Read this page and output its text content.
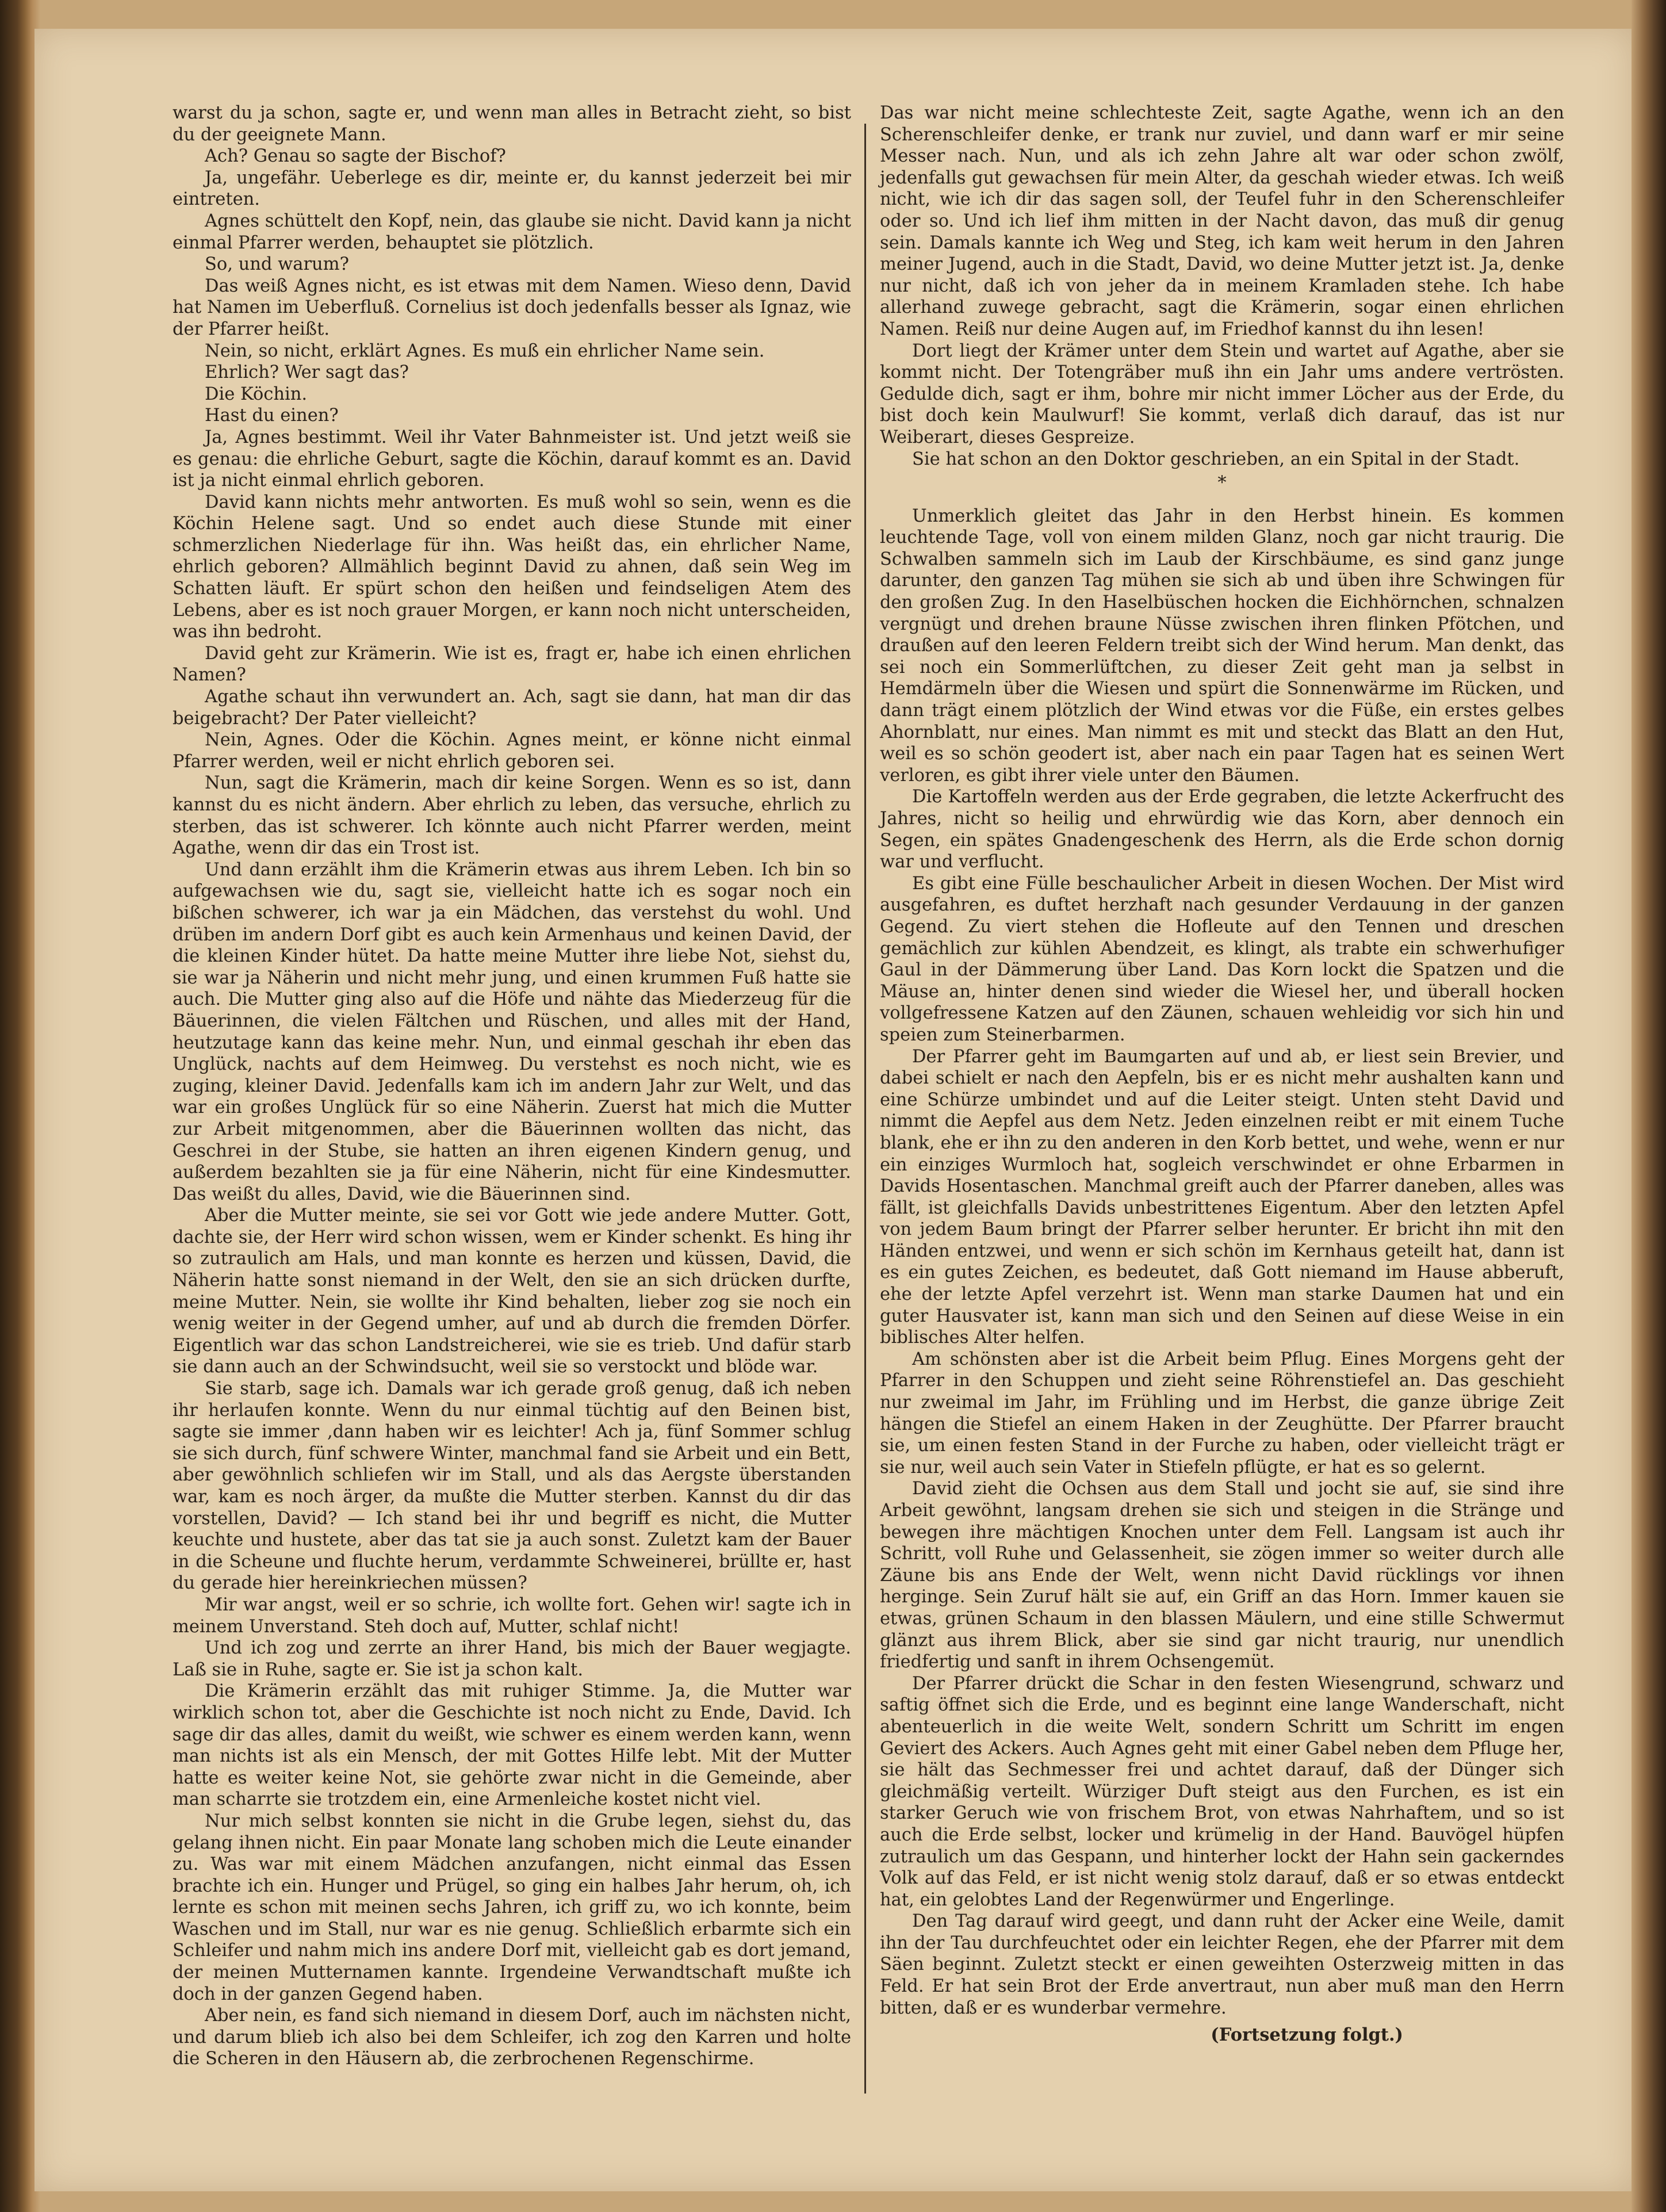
warst du ja schon, sagte er, und wenn man alles in Betracht zieht, so bist du der geeignete Mann.

Ach? Genau so sagte der Bischof?

Ja, ungefähr. Ueberlege es dir, meinte er, du kannst jederzeit bei mir eintreten.

Agnes schüttelt den Kopf, nein, das glaube sie nicht. David kann ja nicht einmal Pfarrer werden, behauptet sie plötzlich.

So, und warum?

Das weiß Agnes nicht, es ist etwas mit dem Namen. Wieso denn, David hat Namen im Ueberfluß. Cornelius ist doch jedenfalls besser als Ignaz, wie der Pfarrer heißt.

Nein, so nicht, erklärt Agnes. Es muß ein ehrlicher Name sein.

Ehrlich? Wer sagt das?

Die Köchin.

Hast du einen?

Ja, Agnes bestimmt. Weil ihr Vater Bahnmeister ist. Und jetzt weiß sie es genau: die ehrliche Geburt, sagte die Köchin, darauf kommt es an. David ist ja nicht einmal ehrlich geboren.

David kann nichts mehr antworten. Es muß wohl so sein, wenn es die Köchin Helene sagt. Und so endet auch diese Stunde mit einer schmerzlichen Niederlage für ihn. Was heißt das, ein ehrlicher Name, ehrlich geboren? Allmählich beginnt David zu ahnen, daß sein Weg im Schatten läuft. Er spürt schon den heißen und feindseligen Atem des Lebens, aber es ist noch grauer Morgen, er kann noch nicht unterscheiden, was ihn bedroht.

David geht zur Krämerin. Wie ist es, fragt er, habe ich einen ehrlichen Namen?

Agathe schaut ihn verwundert an. Ach, sagt sie dann, hat man dir das beigebracht? Der Pater vielleicht?

Nein, Agnes. Oder die Köchin. Agnes meint, er könne nicht einmal Pfarrer werden, weil er nicht ehrlich geboren sei.

Nun, sagt die Krämerin, mach dir keine Sorgen. Wenn es so ist, dann kannst du es nicht ändern. Aber ehrlich zu leben, das versuche, ehrlich zu sterben, das ist schwerer. Ich könnte auch nicht Pfarrer werden, meint Agathe, wenn dir das ein Trost ist.

Und dann erzählt ihm die Krämerin etwas aus ihrem Leben. Ich bin so aufgewachsen wie du, sagt sie, vielleicht hatte ich es sogar noch ein bißchen schwerer, ich war ja ein Mädchen, das verstehst du wohl. Und drüben im andern Dorf gibt es auch kein Armenhaus und keinen David, der die kleinen Kinder hütet. Da hatte meine Mutter ihre liebe Not, siehst du, sie war ja Näherin und nicht mehr jung, und einen krummen Fuß hatte sie auch. Die Mutter ging also auf die Höfe und nähte das Miederzeug für die Bäuerinnen, die vielen Fältchen und Rüschen, und alles mit der Hand, heutzutage kann das keine mehr. Nun, und einmal geschah ihr eben das Unglück, nachts auf dem Heimweg. Du verstehst es noch nicht, wie es zuging, kleiner David. Jedenfalls kam ich im andern Jahr zur Welt, und das war ein großes Unglück für so eine Näherin. Zuerst hat mich die Mutter zur Arbeit mitgenommen, aber die Bäuerinnen wollten das nicht, das Geschrei in der Stube, sie hatten an ihren eigenen Kindern genug, und außerdem bezahlten sie ja für eine Näherin, nicht für eine Kindesmutter. Das weißt du alles, David, wie die Bäuerinnen sind.

Aber die Mutter meinte, sie sei vor Gott wie jede andere Mutter. Gott, dachte sie, der Herr wird schon wissen, wem er Kinder schenkt. Es hing ihr so zutraulich am Hals, und man konnte es herzen und küssen, David, die Näherin hatte sonst niemand in der Welt, den sie an sich drücken durfte, meine Mutter. Nein, sie wollte ihr Kind behalten, lieber zog sie noch ein wenig weiter in der Gegend umher, auf und ab durch die fremden Dörfer. Eigentlich war das schon Landstreicherei, wie sie es trieb. Und dafür starb sie dann auch an der Schwindsucht, weil sie so verstockt und blöde war.

Sie starb, sage ich. Damals war ich gerade groß genug, daß ich neben ihr herlaufen konnte. Wenn du nur einmal tüchtig auf den Beinen bist, sagte sie immer ,dann haben wir es leichter! Ach ja, fünf Sommer schlug sie sich durch, fünf schwere Winter, manchmal fand sie Arbeit und ein Bett, aber gewöhnlich schliefen wir im Stall, und als das Aergste überstanden war, kam es noch ärger, da mußte die Mutter sterben. Kannst du dir das vorstellen, David? — Ich stand bei ihr und begriff es nicht, die Mutter keuchte und hustete, aber das tat sie ja auch sonst. Zuletzt kam der Bauer in die Scheune und fluchte herum, verdammte Schweinerei, brüllte er, hast du gerade hier hereinkriechen müssen?

Mir war angst, weil er so schrie, ich wollte fort. Gehen wir! sagte ich in meinem Unverstand. Steh doch auf, Mutter, schlaf nicht!

Und ich zog und zerrte an ihrer Hand, bis mich der Bauer wegjagte. Laß sie in Ruhe, sagte er. Sie ist ja schon kalt.

Die Krämerin erzählt das mit ruhiger Stimme. Ja, die Mutter war wirklich schon tot, aber die Geschichte ist noch nicht zu Ende, David. Ich sage dir das alles, damit du weißt, wie schwer es einem werden kann, wenn man nichts ist als ein Mensch, der mit Gottes Hilfe lebt. Mit der Mutter hatte es weiter keine Not, sie gehörte zwar nicht in die Gemeinde, aber man scharrte sie trotzdem ein, eine Armenleiche kostet nicht viel.

Nur mich selbst konnten sie nicht in die Grube legen, siehst du, das gelang ihnen nicht. Ein paar Monate lang schoben mich die Leute einander zu. Was war mit einem Mädchen anzufangen, nicht einmal das Essen brachte ich ein. Hunger und Prügel, so ging ein halbes Jahr herum, oh, ich lernte es schon mit meinen sechs Jahren, ich griff zu, wo ich konnte, beim Waschen und im Stall, nur war es nie genug. Schließlich erbarmte sich ein Schleifer und nahm mich ins andere Dorf mit, vielleicht gab es dort jemand, der meinen Mutternamen kannte. Irgendeine Verwandtschaft mußte ich doch in der ganzen Gegend haben.

Aber nein, es fand sich niemand in diesem Dorf, auch im nächsten nicht, und darum blieb ich also bei dem Schleifer, ich zog den Karren und holte die Scheren in den Häusern ab, die zerbrochenen Regenschirme.

Das war nicht meine schlechteste Zeit, sagte Agathe, wenn ich an den Scherenschleifer denke, er trank nur zuviel, und dann warf er mir seine Messer nach. Nun, und als ich zehn Jahre alt war oder schon zwölf, jedenfalls gut gewachsen für mein Alter, da geschah wieder etwas. Ich weiß nicht, wie ich dir das sagen soll, der Teufel fuhr in den Scherenschleifer oder so. Und ich lief ihm mitten in der Nacht davon, das muß dir genug sein. Damals kannte ich Weg und Steg, ich kam weit herum in den Jahren meiner Jugend, auch in die Stadt, David, wo deine Mutter jetzt ist. Ja, denke nur nicht, daß ich von jeher da in meinem Kramladen stehe. Ich habe allerhand zuwege gebracht, sagt die Krämerin, sogar einen ehrlichen Namen. Reiß nur deine Augen auf, im Friedhof kannst du ihn lesen!

Dort liegt der Krämer unter dem Stein und wartet auf Agathe, aber sie kommt nicht. Der Totengräber muß ihn ein Jahr ums andere vertrösten. Gedulde dich, sagt er ihm, bohre mir nicht immer Löcher aus der Erde, du bist doch kein Maulwurf! Sie kommt, verlaß dich darauf, das ist nur Weiberart, dieses Gespreize.

Sie hat schon an den Doktor geschrieben, an ein Spital in der Stadt.

*

Unmerklich gleitet das Jahr in den Herbst hinein. Es kommen leuchtende Tage, voll von einem milden Glanz, noch gar nicht traurig. Die Schwalben sammeln sich im Laub der Kirschbäume, es sind ganz junge darunter, den ganzen Tag mühen sie sich ab und üben ihre Schwingen für den großen Zug. In den Haselbüschen hocken die Eichhörnchen, schnalzen vergnügt und drehen braune Nüsse zwischen ihren flinken Pfötchen, und draußen auf den leeren Feldern treibt sich der Wind herum. Man denkt, das sei noch ein Sommerlüftchen, zu dieser Zeit geht man ja selbst in Hemdärmeln über die Wiesen und spürt die Sonnenwärme im Rücken, und dann trägt einem plötzlich der Wind etwas vor die Füße, ein erstes gelbes Ahornblatt, nur eines. Man nimmt es mit und steckt das Blatt an den Hut, weil es so schön geodert ist, aber nach ein paar Tagen hat es seinen Wert verloren, es gibt ihrer viele unter den Bäumen.

Die Kartoffeln werden aus der Erde gegraben, die letzte Ackerfrucht des Jahres, nicht so heilig und ehrwürdig wie das Korn, aber dennoch ein Segen, ein spätes Gnadengeschenk des Herrn, als die Erde schon dornig war und verflucht.

Es gibt eine Fülle beschaulicher Arbeit in diesen Wochen. Der Mist wird ausgefahren, es duftet herzhaft nach gesunder Verdauung in der ganzen Gegend. Zu viert stehen die Hofleute auf den Tennen und dreschen gemächlich zur kühlen Abendzeit, es klingt, als trabte ein schwerhufiger Gaul in der Dämmerung über Land. Das Korn lockt die Spatzen und die Mäuse an, hinter denen sind wieder die Wiesel her, und überall hocken vollgefressene Katzen auf den Zäunen, schauen wehleidig vor sich hin und speien zum Steinerbarmen.

Der Pfarrer geht im Baumgarten auf und ab, er liest sein Brevier, und dabei schielt er nach den Aepfeln, bis er es nicht mehr aushalten kann und eine Schürze umbindet und auf die Leiter steigt. Unten steht David und nimmt die Aepfel aus dem Netz. Jeden einzelnen reibt er mit einem Tuche blank, ehe er ihn zu den anderen in den Korb bettet, und wehe, wenn er nur ein einziges Wurmloch hat, sogleich verschwindet er ohne Erbarmen in Davids Hosentaschen. Manchmal greift auch der Pfarrer daneben, alles was fällt, ist gleichfalls Davids unbestrittenes Eigentum. Aber den letzten Apfel von jedem Baum bringt der Pfarrer selber herunter. Er bricht ihn mit den Händen entzwei, und wenn er sich schön im Kernhaus geteilt hat, dann ist es ein gutes Zeichen, es bedeutet, daß Gott niemand im Hause abberuft, ehe der letzte Apfel verzehrt ist. Wenn man starke Daumen hat und ein guter Hausvater ist, kann man sich und den Seinen auf diese Weise in ein biblisches Alter helfen.

Am schönsten aber ist die Arbeit beim Pflug. Eines Morgens geht der Pfarrer in den Schuppen und zieht seine Röhrenstiefel an. Das geschieht nur zweimal im Jahr, im Frühling und im Herbst, die ganze übrige Zeit hängen die Stiefel an einem Haken in der Zeughütte. Der Pfarrer braucht sie, um einen festen Stand in der Furche zu haben, oder vielleicht trägt er sie nur, weil auch sein Vater in Stiefeln pflügte, er hat es so gelernt.

David zieht die Ochsen aus dem Stall und jocht sie auf, sie sind ihre Arbeit gewöhnt, langsam drehen sie sich und steigen in die Stränge und bewegen ihre mächtigen Knochen unter dem Fell. Langsam ist auch ihr Schritt, voll Ruhe und Gelassenheit, sie zögen immer so weiter durch alle Zäune bis ans Ende der Welt, wenn nicht David rücklings vor ihnen herginge. Sein Zuruf hält sie auf, ein Griff an das Horn. Immer kauen sie etwas, grünen Schaum in den blassen Mäulern, und eine stille Schwermut glänzt aus ihrem Blick, aber sie sind gar nicht traurig, nur unendlich friedfertig und sanft in ihrem Ochsengemüt.

Der Pfarrer drückt die Schar in den festen Wiesengrund, schwarz und saftig öffnet sich die Erde, und es beginnt eine lange Wanderschaft, nicht abenteuerlich in die weite Welt, sondern Schritt um Schritt im engen Geviert des Ackers. Auch Agnes geht mit einer Gabel neben dem Pfluge her, sie hält das Sechmesser frei und achtet darauf, daß der Dünger sich gleichmäßig verteilt. Würziger Duft steigt aus den Furchen, es ist ein starker Geruch wie von frischem Brot, von etwas Nahrhaftem, und so ist auch die Erde selbst, locker und krümelig in der Hand. Bauvögel hüpfen zutraulich um das Gespann, und hinterher lockt der Hahn sein gackerndes Volk auf das Feld, er ist nicht wenig stolz darauf, daß er so etwas entdeckt hat, ein gelobtes Land der Regenwürmer und Engerlinge.

Den Tag darauf wird geegt, und dann ruht der Acker eine Weile, damit ihn der Tau durchfeuchtet oder ein leichter Regen, ehe der Pfarrer mit dem Säen beginnt. Zuletzt steckt er einen geweihten Osterzweig mitten in das Feld. Er hat sein Brot der Erde anvertraut, nun aber muß man den Herrn bitten, daß er es wunderbar vermehre.

(Fortsetzung folgt.)
